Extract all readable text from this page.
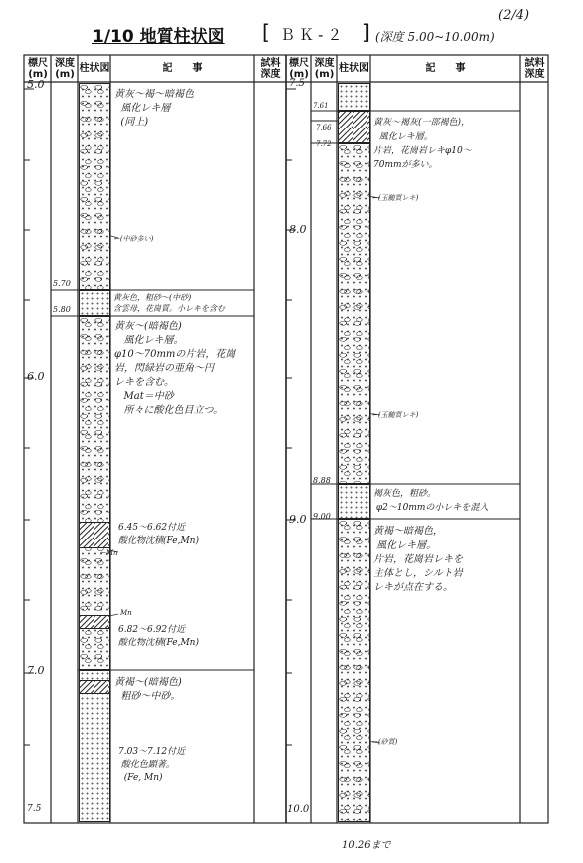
(2/4)
1/10 地質柱状図 [ ＢＫ-２ ] (深度 5.00~10.00m)
標尺
(m)
深度
(m)
柱状図	記　　事	試料
深度
標尺
(m)
深度
(m)
柱状図	記　　事	試料
深度
5.0
6.0
7.0
7.5
5.70
5.80
黄灰～褐～暗褐色
風化レキ層
(同上)
←(中砂多い)
黄灰色，粗砂～(中砂)
含雲母，花崗質。小レキを含む
黄灰～(暗褐色)
風化レキ層。
φ10～70mmの片岩，花崗
岩，閃緑岩の亜角～円
レキを含む。
Mat＝中砂
所々に酸化色目立つ。
6.45～6.62付近
酸化物沈積(Fe,Mn)
←Mn
Mn
6.82～6.92付近
酸化物沈積(Fe,Mn)
黄褐～(暗褐色)
粗砂～中砂。
7.03～7.12付近
酸化色顕著。
(Fe, Mn)
7.5
8.0
9.0
10.0
7.61
7.66
7.72
8.88
9.00
黄灰～褐灰(一部褐色)，
風化レキ層。
片岩，花崗岩レキφ10～
70mmが多い。
←(玉髄質レキ)
←(玉髄質レキ)
褐灰色，粗砂。
φ2～10mmの小レキを混入
黄褐～暗褐色，
風化レキ層。
片岩，花崗岩レキを
主体とし，シルト岩
レキが点在する。
←(砂質)
10.26まで
